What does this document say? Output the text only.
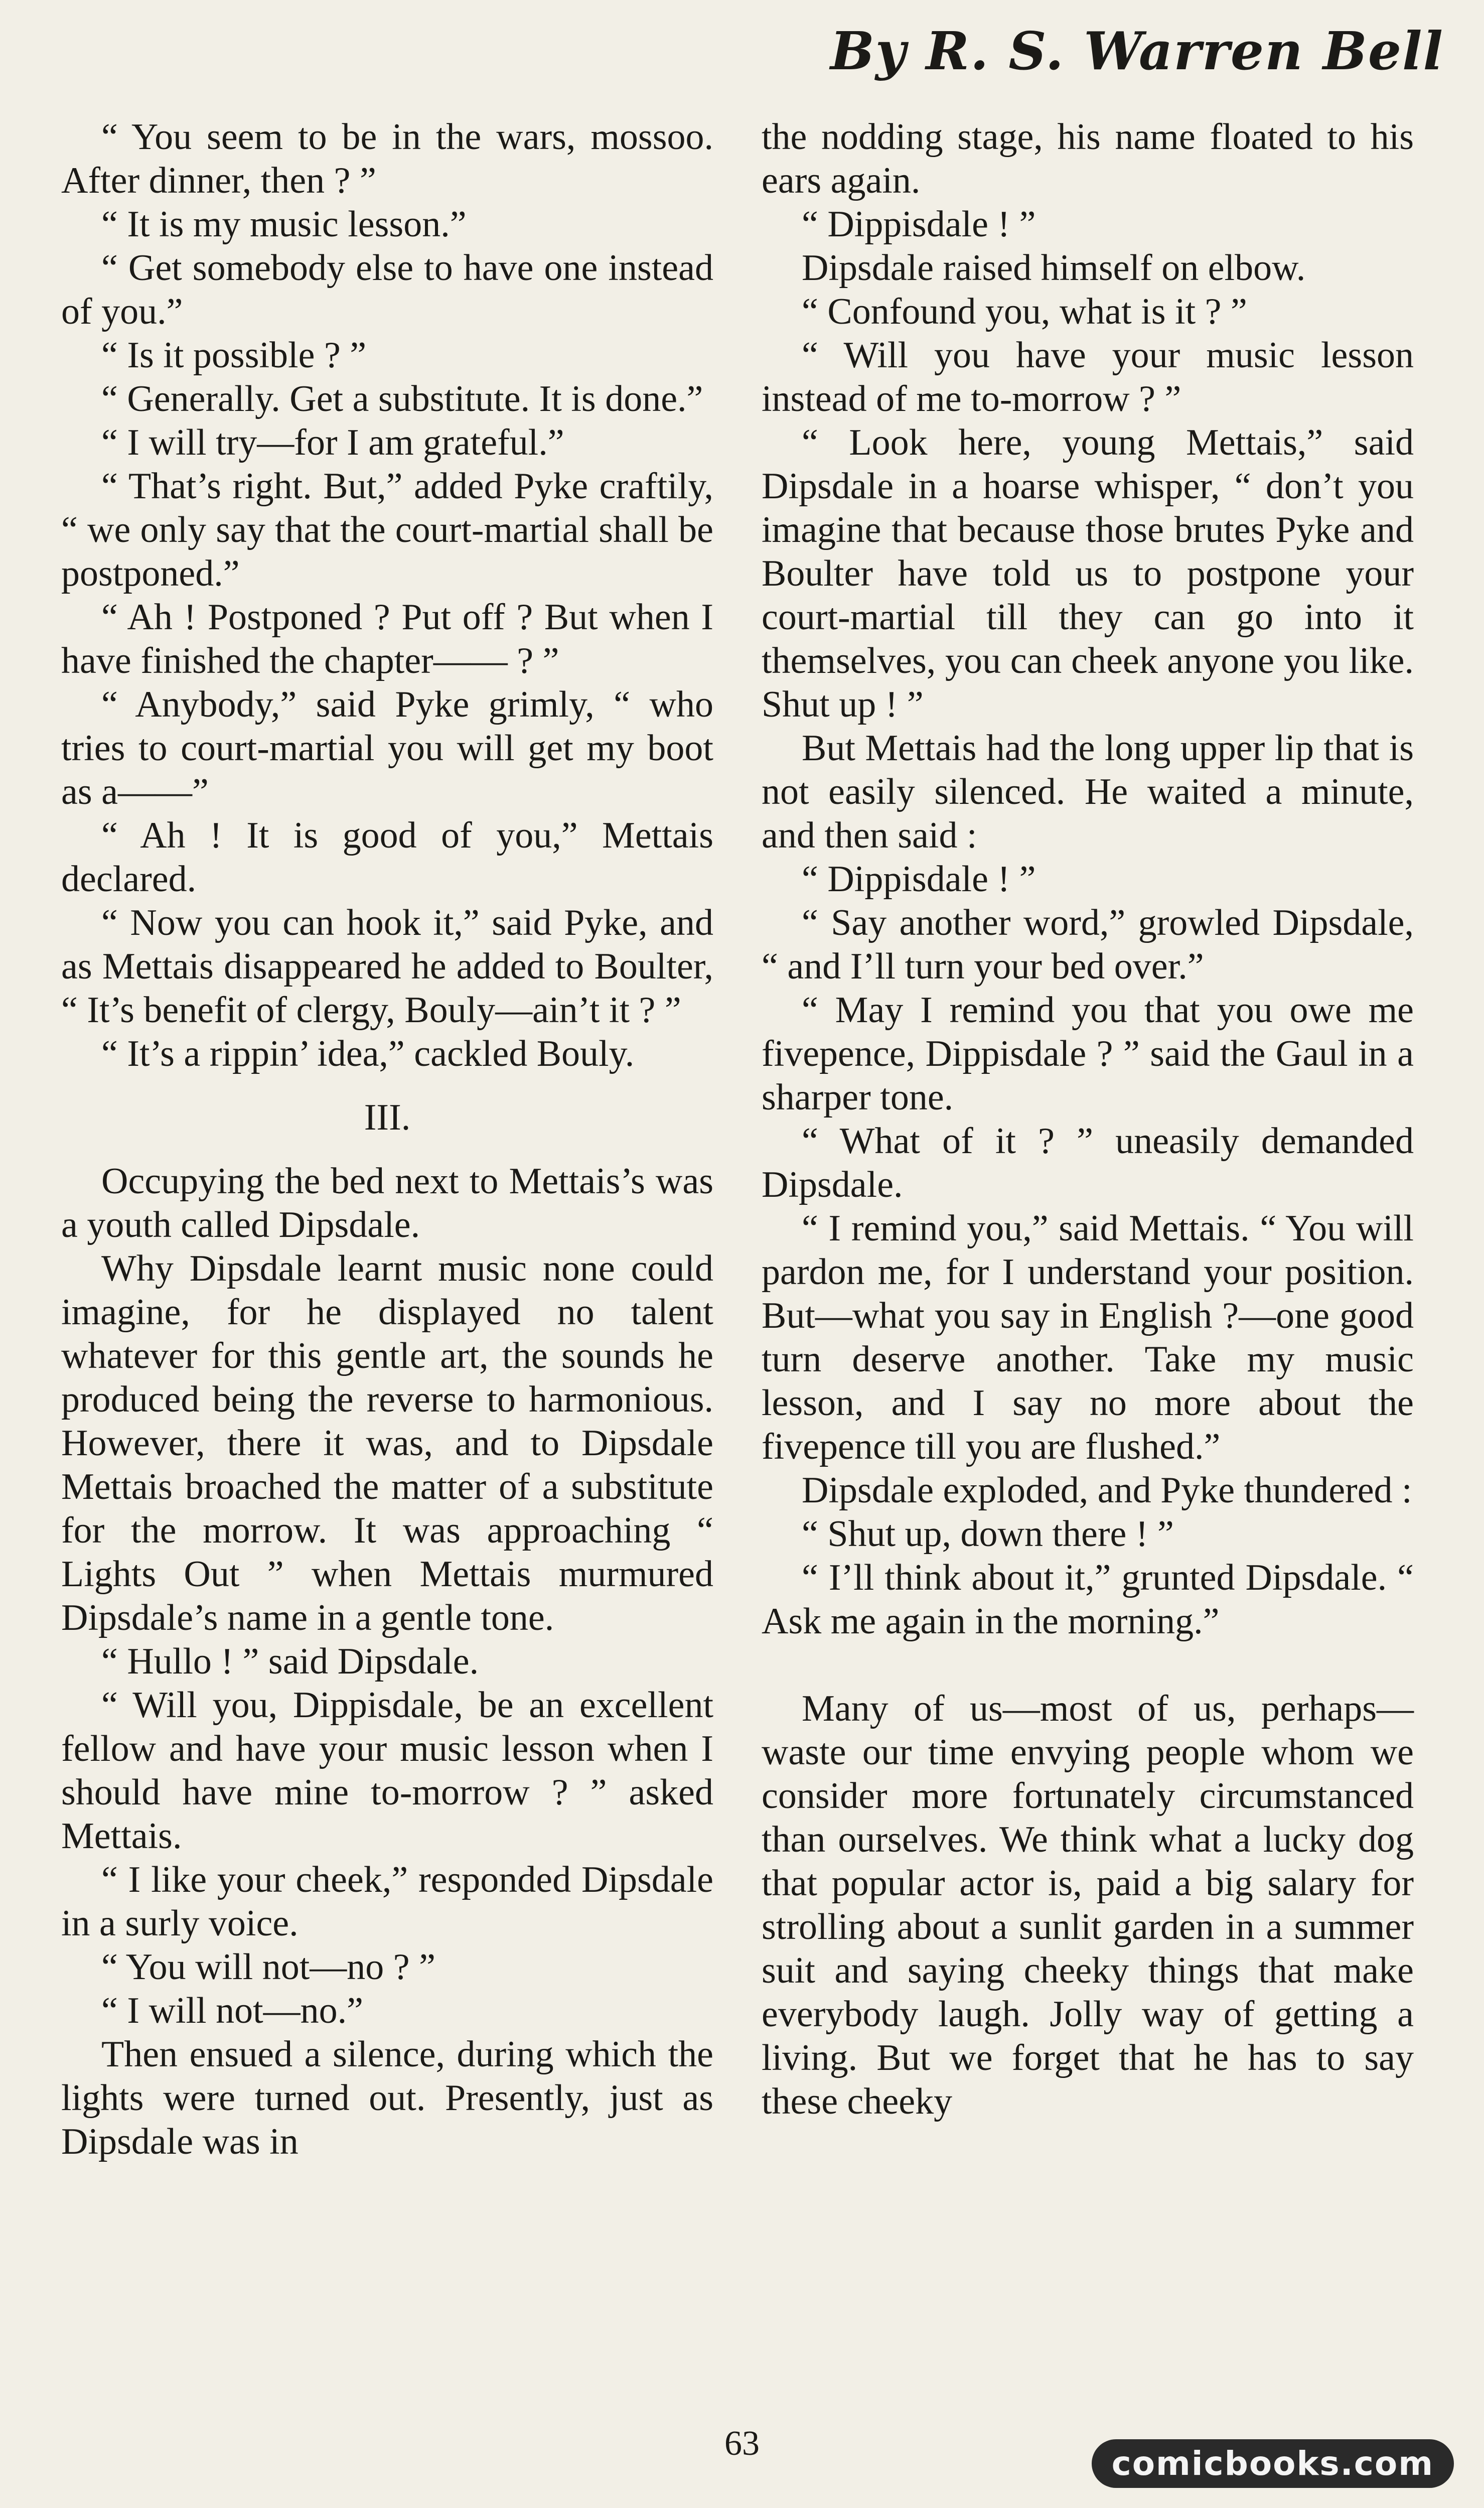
By R. S. Warren Bell

“ You seem to be in the wars, mossoo. After dinner, then ? ”

“ It is my music lesson.”

“ Get somebody else to have one instead of you.”

“ Is it possible ? ”

“ Generally. Get a substitute. It is done.”

“ I will try—for I am grateful.”

“ That’s right. But,” added Pyke craftily, “ we only say that the court-martial shall be postponed.”

“ Ah ! Postponed ? Put off ? But when I have finished the chapter—— ? ”

“ Anybody,” said Pyke grimly, “ who tries to court-martial you will get my boot as a——”

“ Ah ! It is good of you,” Mettais declared.

“ Now you can hook it,” said Pyke, and as Mettais disappeared he added to Boulter, “ It’s benefit of clergy, Bouly—ain’t it ? ”

“ It’s a rippin’ idea,” cackled Bouly.

III.

Occupying the bed next to Mettais’s was a youth called Dipsdale.

Why Dipsdale learnt music none could imagine, for he displayed no talent whatever for this gentle art, the sounds he produced being the reverse to harmonious. However, there it was, and to Dipsdale Mettais broached the matter of a substitute for the morrow. It was approaching “ Lights Out ” when Mettais murmured Dipsdale’s name in a gentle tone.

“ Hullo ! ” said Dipsdale.

“ Will you, Dippisdale, be an excellent fellow and have your music lesson when I should have mine to-morrow ? ” asked Mettais.

“ I like your cheek,” responded Dipsdale in a surly voice.

“ You will not—no ? ”

“ I will not—no.”

Then ensued a silence, during which the lights were turned out. Presently, just as Dipsdale was in

the nodding stage, his name floated to his ears again.

“ Dippisdale ! ”

Dipsdale raised himself on elbow.

“ Confound you, what is it ? ”

“ Will you have your music lesson instead of me to-morrow ? ”

“ Look here, young Mettais,” said Dipsdale in a hoarse whisper, “ don’t you imagine that because those brutes Pyke and Boulter have told us to postpone your court-martial till they can go into it themselves, you can cheek anyone you like. Shut up ! ”

But Mettais had the long upper lip that is not easily silenced. He waited a minute, and then said :

“ Dippisdale ! ”

“ Say another word,” growled Dipsdale, “ and I’ll turn your bed over.”

“ May I remind you that you owe me fivepence, Dippisdale ? ” said the Gaul in a sharper tone.

“ What of it ? ” uneasily demanded Dipsdale.

“ I remind you,” said Mettais. “ You will pardon me, for I understand your position. But—what you say in English ?—one good turn deserve another. Take my music lesson, and I say no more about the fivepence till you are flushed.”

Dipsdale exploded, and Pyke thundered :

“ Shut up, down there ! ”

“ I’ll think about it,” grunted Dipsdale. “ Ask me again in the morning.”

Many of us—most of us, perhaps—waste our time envying people whom we consider more fortunately circumstanced than ourselves. We think what a lucky dog that popular actor is, paid a big salary for strolling about a sunlit garden in a summer suit and saying cheeky things that make everybody laugh. Jolly way of getting a living. But we forget that he has to say these cheeky

63
comicbooks.com
